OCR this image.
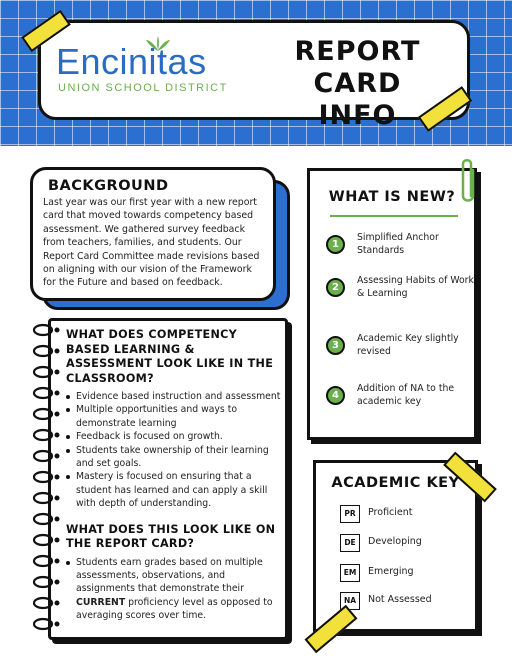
Encinitas
UNION SCHOOL DISTRICT
REPORT CARD
INFO
BACKGROUND
Last year was our first year with a new report card that moved towards competency based assessment. We gathered survey feedback from teachers, families, and students. Our Report Card Committee made revisions based on aligning with our vision of the Framework for the Future and based on feedback.
WHAT DOES COMPETENCY BASED LEARNING & ASSESSMENT LOOK LIKE IN THE CLASSROOM?
Evidence based instruction and assessment
Multiple opportunities and ways to demonstrate learning
Feedback is focused on growth.
Students take ownership of their learning and set goals.
Mastery is focused on ensuring that a student has learned and can apply a skill with depth of understanding.
WHAT DOES THIS LOOK LIKE ON THE REPORT CARD?
Students earn grades based on multiple assessments, observations, and assignments that demonstrate their CURRENT proficiency level as opposed to averaging scores over time.
WHAT IS NEW?
1
Simplified Anchor Standards
2
Assessing Habits of Work & Learning
3
Academic Key slightly revised
4
Addition of NA to the academic key
ACADEMIC KEY
PR	Proficient
DE	Developing
EM	Emerging
NA	Not Assessed
